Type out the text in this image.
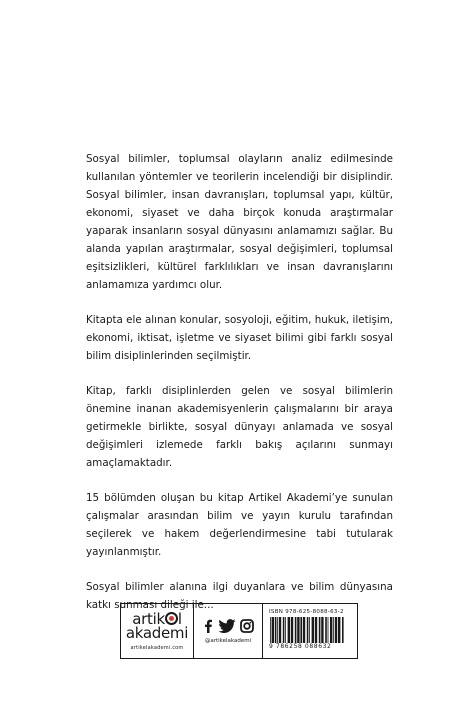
Sosyal bilimler, toplumsal olayların analiz edilmesinde kullanılan yöntemler ve teorilerin incelendiği bir disiplindir. Sosyal bilimler, insan davranışları, toplumsal yapı, kültür, ekonomi, siyaset ve daha birçok konuda araştırmalar yaparak insanların sosyal dünyasını anlamamızı sağlar. Bu alanda yapılan araştırmalar, sosyal değişimleri, toplumsal eşitsizlikleri, kültürel farklılıkları ve insan davranışlarını anlamamıza yardımcı olur.

Kitapta ele alınan konular, sosyoloji, eğitim, hukuk, iletişim, ekonomi, iktisat, işletme ve siyaset bilimi gibi farklı sosyal bilim disiplinlerinden seçilmiştir.

Kitap, farklı disiplinlerden gelen ve sosyal bilimlerin önemine inanan akademisyenlerin çalışmalarını bir araya getirmekle birlikte, sosyal dünyayı anlamada ve sosyal değişimleri izlemede farklı bakış açılarını sunmayı amaçlamaktadır.

15 bölümden oluşan bu kitap Artikel Akademi’ye sunulan çalışmalar arasından bilim ve yayın kurulu tarafından seçilerek ve hakem değerlendirmesine tabi tutularak yayınlanmıştır.

Sosyal bilimler alanına ilgi duyanlara ve bilim dünyasına katkı sunması dileği ile...

artik l
akademi
artikelakademi.com
@artikelakademi
ISBN 978-625-8088-63-2
9 786258 088632
